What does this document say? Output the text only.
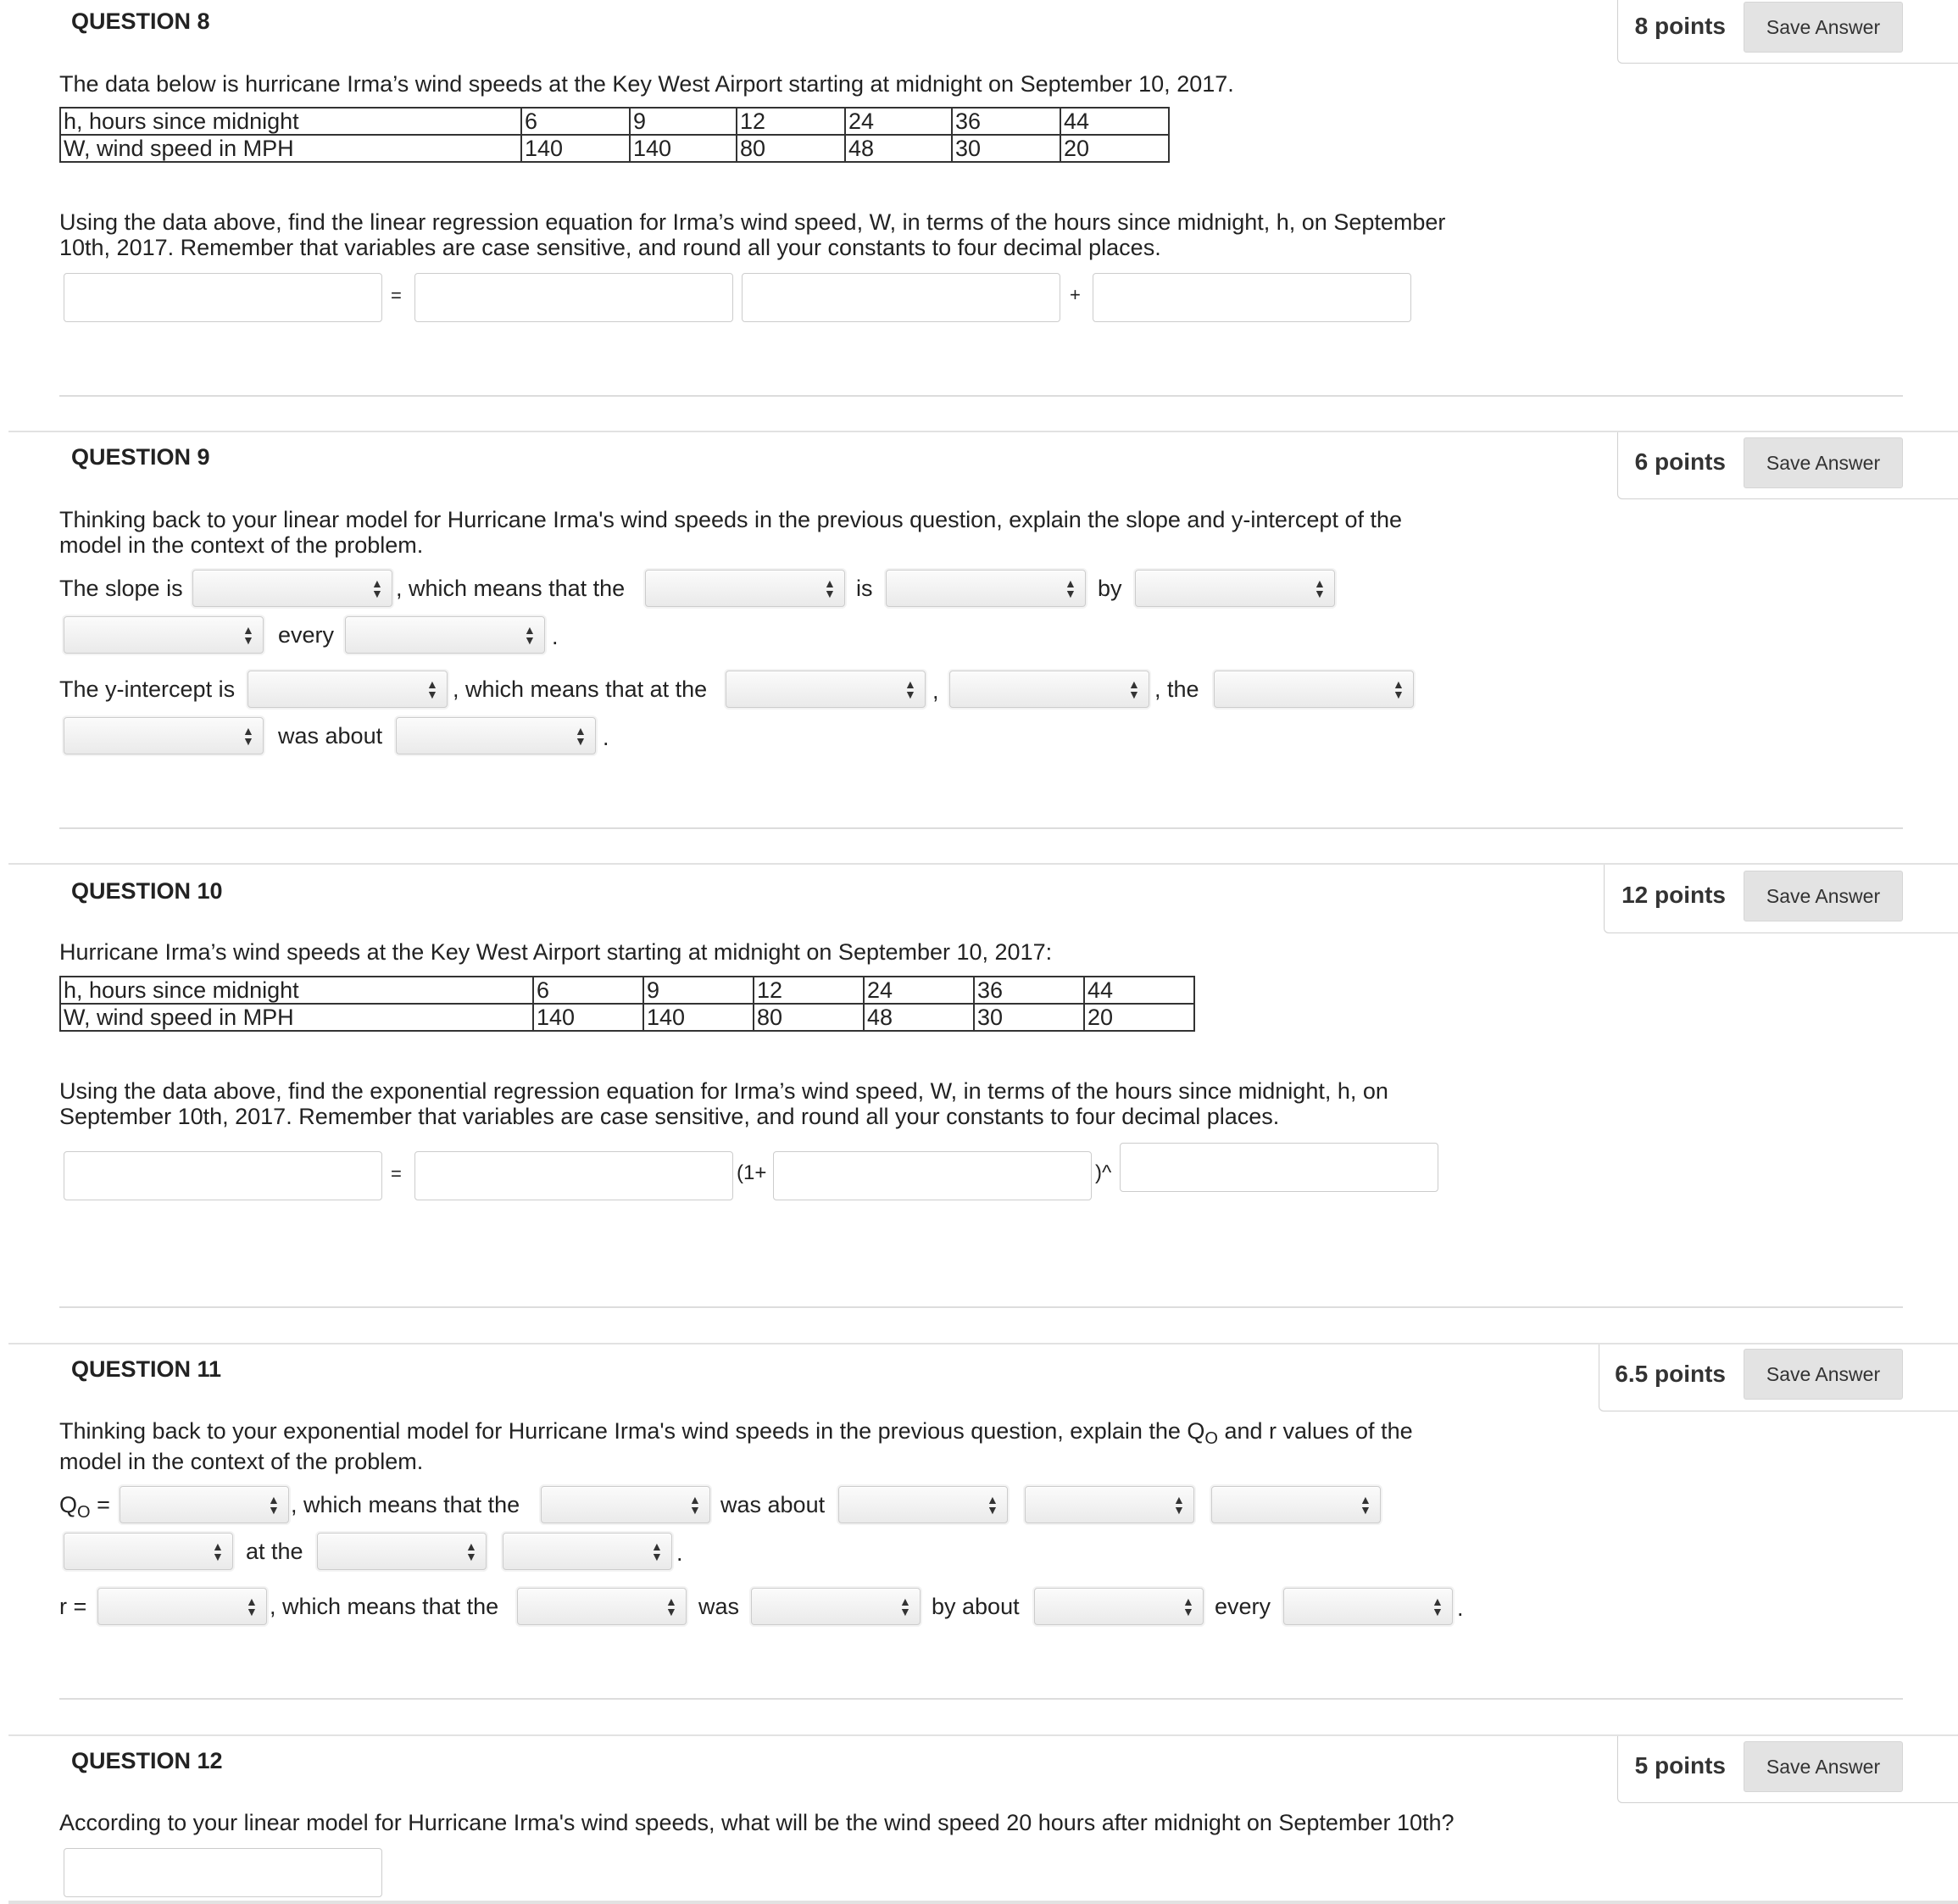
QUESTION 8	8 points	Save Answer
The data below is hurricane Irma’s wind speeds at the Key West Airport starting at midnight on September 10, 2017.
h, hours since midnight	6	9	12	24	36	44
W, wind speed in MPH	140	140	80	48	30	20
Using the data above, find the linear regression equation for Irma’s wind speed, W, in terms of the hours since midnight, h, on September
10th, 2017. Remember that variables are case sensitive, and round all your constants to four decimal places.
=	+
QUESTION 9	6 points	Save Answer
Thinking back to your linear model for Hurricane Irma's wind speeds in the previous question, explain the slope and y-intercept of the
model in the context of the problem.
The slope is	▲
▼ , which means that the	▲
▼ is	▲
▼ by	▲
▼
▲
▼ every	▲
▼ .
The y-intercept is	▲
▼ , which means that at the	▲
▼ ,	▲
▼ , the	▲
▼
▲
▼ was about	▲
▼ .
QUESTION 10	12 points	Save Answer
Hurricane Irma’s wind speeds at the Key West Airport starting at midnight on September 10, 2017:
h, hours since midnight	6	9	12	24	36	44
W, wind speed in MPH	140	140	80	48	30	20
Using the data above, find the exponential regression equation for Irma’s wind speed, W, in terms of the hours since midnight, h, on
September 10th, 2017. Remember that variables are case sensitive, and round all your constants to four decimal places.
=	(1+	)^
QUESTION 11	6.5 points	Save Answer
Thinking back to your exponential model for Hurricane Irma's wind speeds in the previous question, explain the $Q_O$ and r values of the
model in the context of the problem.
$Q_O$ =	▲
▼ , which means that the	▲
▼ was about	▲
▼
▲
▼
▲
▼
▲
▼ at the	▲
▼
▲
▼ .
r =	▲
▼ , which means that the	▲
▼ was	▲
▼ by about	▲
▼ every	▲
▼ .
QUESTION 12	5 points	Save Answer
According to your linear model for Hurricane Irma's wind speeds, what will be the wind speed 20 hours after midnight on September 10th?
